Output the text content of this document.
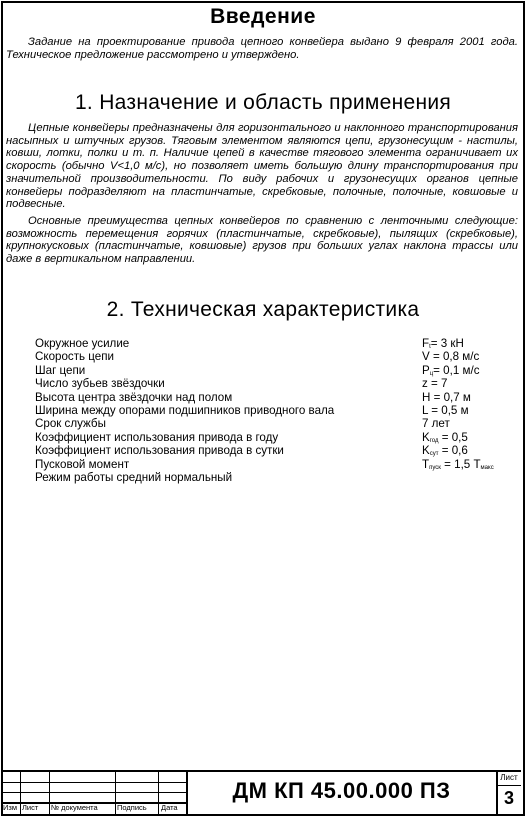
Введение
Задание на проектирование привода цепного конвейера выдано 9 февраля 2001 года. Техническое предложение рассмотрено и утверждено.
1. Назначение и область применения
Цепные конвейеры предназначены для горизонтального и наклонного транспортирования насыпных и штучных грузов. Тяговым элементом являются цепи, грузонесущим - настилы, ковши, лотки, полки и т. п. Наличие цепей в качестве тягового элемента ограничивает их скорость (обычно V<1,0 м/с), но позволяет иметь большую длину транспортирования при значительной производительности. По виду рабочих и грузонесущих органов цепные конвейеры подразделяют на пластинчатые, скребковые, полочные, полочные, ковшовые и подвесные.
Основные преимущества цепных конвейеров по сравнению с ленточными следующие: возможность перемещения горячих (пластинчатые, скребковые), пылящих (скребковые), крупнокусковых (пластинчатые, ковшовые) грузов при больших углах наклона трассы или даже в вертикальном направлении.
2. Техническая характеристика
Окружное усилие	$F_t= 3$ кН
Скорость цепи	V = 0,8 м/с
Шаг цепи	$P_ц= 0,1$ м/с
Число зубьев звёздочки	z = 7
Высота центра звёздочки над полом	H = 0,7 м
Ширина между опорами подшипников приводного вала	L = 0,5 м
Срок службы	7 лет
Коэффициент использования привода в году	$K_{год} = 0,5$
Коэффициент использования привода в сутки	$K_{сут} = 0,6$
Пусковой момент	$T_{пуск} = 1,5$ $T_{макс}$
Режим работы средний нормальный
Изм Лист № документа	Подпись Дата
ДМ КП 45.00.000 ПЗ
Лист
3
